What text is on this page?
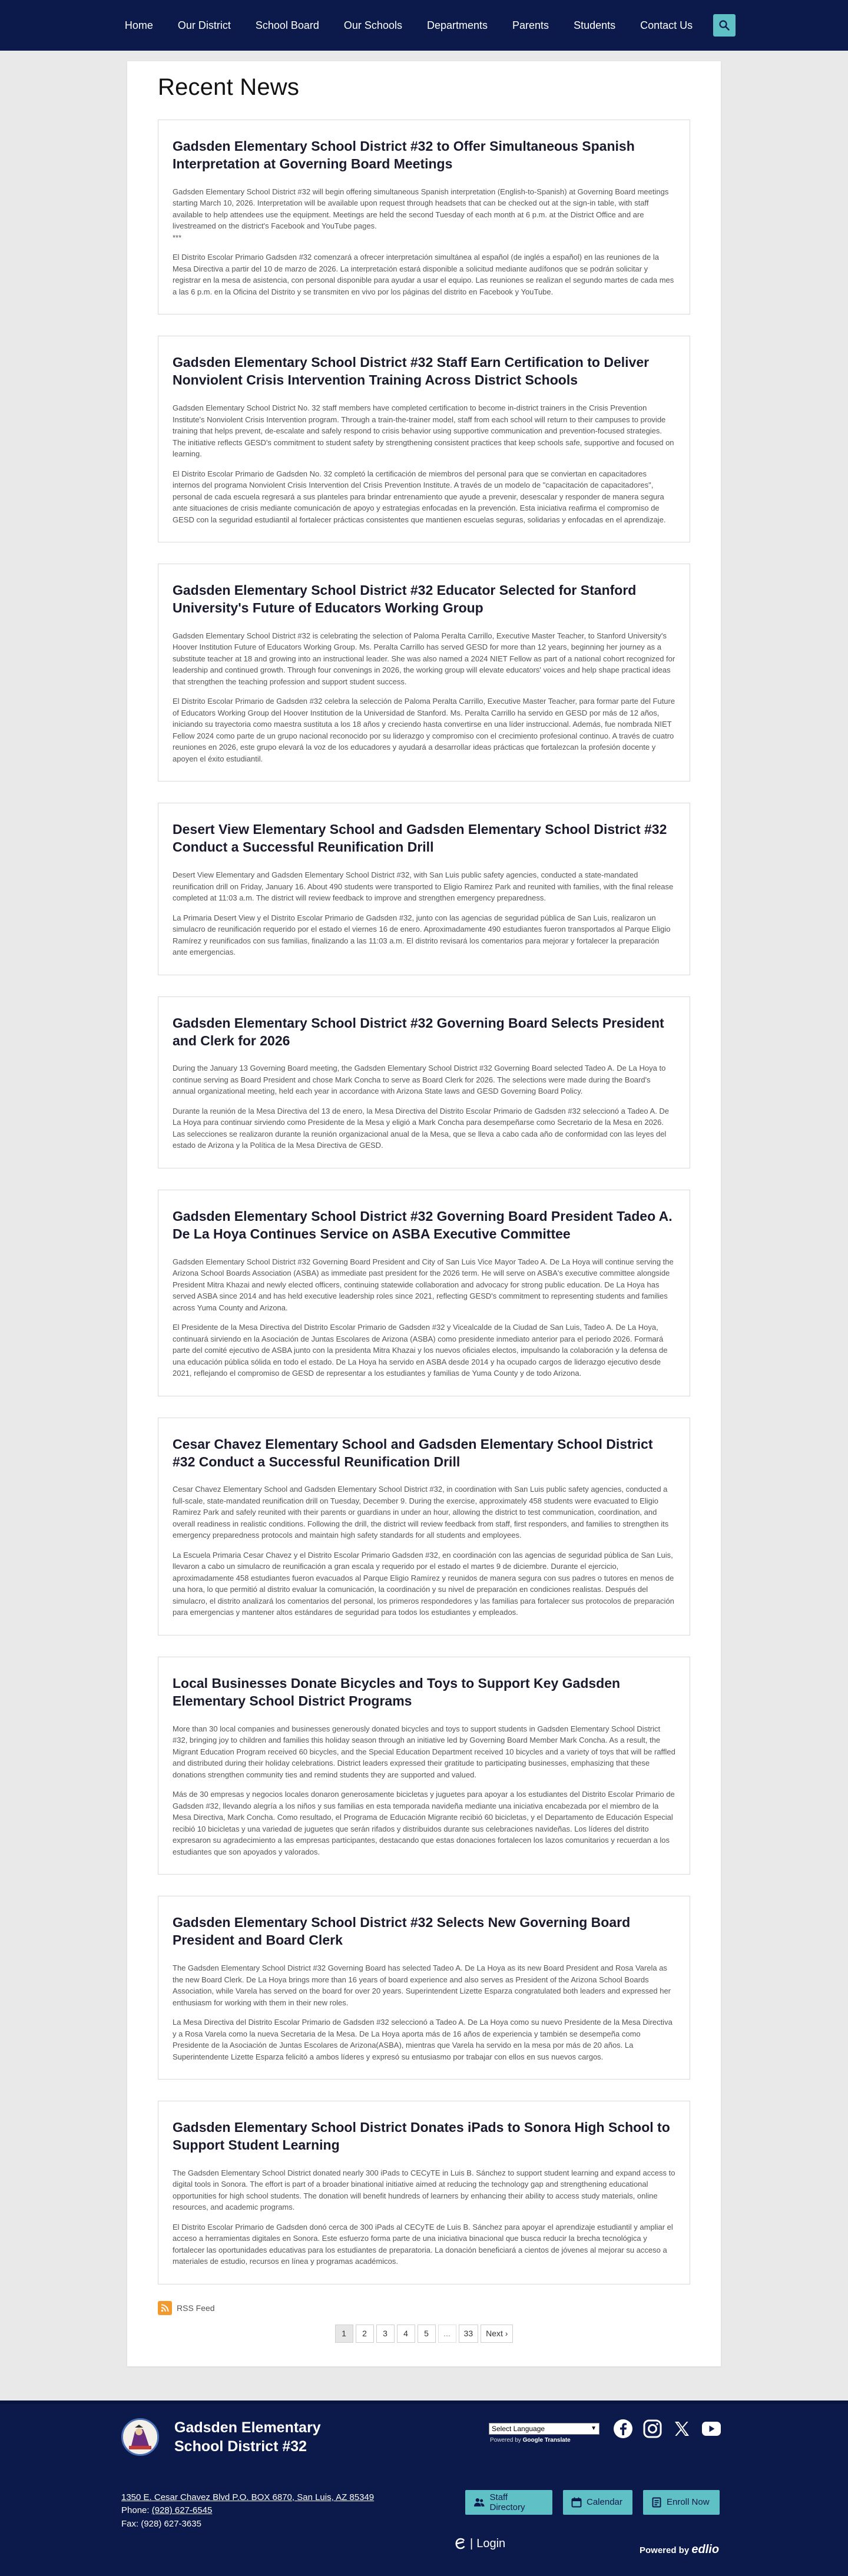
Home	Our District	School Board	Our Schools	Departments	Parents	Students	Contact Us
Recent News
Gadsden Elementary School District #32 to Offer Simultaneous Spanish Interpretation at Governing Board Meetings

Gadsden Elementary School District #32 will begin offering simultaneous Spanish interpretation (English-to-Spanish) at Governing Board meetings starting March 10, 2026. Interpretation will be available upon request through headsets that can be checked out at the sign-in table, with staff available to help attendees use the equipment. Meetings are held the second Tuesday of each month at 6 p.m. at the District Office and are livestreamed on the district's Facebook and YouTube pages.
***

El Distrito Escolar Primario Gadsden #32 comenzará a ofrecer interpretación simultánea al español (de inglés a español) en las reuniones de la Mesa Directiva a partir del 10 de marzo de 2026. La interpretación estará disponible a solicitud mediante audífonos que se podrán solicitar y registrar en la mesa de asistencia, con personal disponible para ayudar a usar el equipo. Las reuniones se realizan el segundo martes de cada mes a las 6 p.m. en la Oficina del Distrito y se transmiten en vivo por los páginas del distrito en Facebook y YouTube.

Gadsden Elementary School District #32 Staff Earn Certification to Deliver Nonviolent Crisis Intervention Training Across District Schools

Gadsden Elementary School District No. 32 staff members have completed certification to become in-district trainers in the Crisis Prevention Institute's Nonviolent Crisis Intervention program. Through a train-the-trainer model, staff from each school will return to their campuses to provide training that helps prevent, de-escalate and safely respond to crisis behavior using supportive communication and prevention-focused strategies. The initiative reflects GESD's commitment to student safety by strengthening consistent practices that keep schools safe, supportive and focused on learning.

El Distrito Escolar Primario de Gadsden No. 32 completó la certificación de miembros del personal para que se conviertan en capacitadores internos del programa Nonviolent Crisis Intervention del Crisis Prevention Institute. A través de un modelo de "capacitación de capacitadores", personal de cada escuela regresará a sus planteles para brindar entrenamiento que ayude a prevenir, desescalar y responder de manera segura ante situaciones de crisis mediante comunicación de apoyo y estrategias enfocadas en la prevención. Esta iniciativa reafirma el compromiso de GESD con la seguridad estudiantil al fortalecer prácticas consistentes que mantienen escuelas seguras, solidarias y enfocadas en el aprendizaje.

Gadsden Elementary School District #32 Educator Selected for Stanford University's Future of Educators Working Group

Gadsden Elementary School District #32 is celebrating the selection of Paloma Peralta Carrillo, Executive Master Teacher, to Stanford University's Hoover Institution Future of Educators Working Group. Ms. Peralta Carrillo has served GESD for more than 12 years, beginning her journey as a substitute teacher at 18 and growing into an instructional leader. She was also named a 2024 NIET Fellow as part of a national cohort recognized for leadership and continued growth. Through four convenings in 2026, the working group will elevate educators' voices and help shape practical ideas that strengthen the teaching profession and support student success.

El Distrito Escolar Primario de Gadsden #32 celebra la selección de Paloma Peralta Carrillo, Executive Master Teacher, para formar parte del Future of Educators Working Group del Hoover Institution de la Universidad de Stanford. Ms. Peralta Carrillo ha servido en GESD por más de 12 años, iniciando su trayectoria como maestra sustituta a los 18 años y creciendo hasta convertirse en una líder instruccional. Además, fue nombrada NIET Fellow 2024 como parte de un grupo nacional reconocido por su liderazgo y compromiso con el crecimiento profesional continuo. A través de cuatro reuniones en 2026, este grupo elevará la voz de los educadores y ayudará a desarrollar ideas prácticas que fortalezcan la profesión docente y apoyen el éxito estudiantil.

Desert View Elementary School and Gadsden Elementary School District #32 Conduct a Successful Reunification Drill

Desert View Elementary and Gadsden Elementary School District #32, with San Luis public safety agencies, conducted a state-mandated reunification drill on Friday, January 16. About 490 students were transported to Eligio Ramirez Park and reunited with families, with the final release completed at 11:03 a.m. The district will review feedback to improve and strengthen emergency preparedness.

La Primaria Desert View y el Distrito Escolar Primario de Gadsden #32, junto con las agencias de seguridad pública de San Luis, realizaron un simulacro de reunificación requerido por el estado el viernes 16 de enero. Aproximadamente 490 estudiantes fueron transportados al Parque Eligio Ramírez y reunificados con sus familias, finalizando a las 11:03 a.m. El distrito revisará los comentarios para mejorar y fortalecer la preparación ante emergencias.

Gadsden Elementary School District #32 Governing Board Selects President and Clerk for 2026

During the January 13 Governing Board meeting, the Gadsden Elementary School District #32 Governing Board selected Tadeo A. De La Hoya to continue serving as Board President and chose Mark Concha to serve as Board Clerk for 2026. The selections were made during the Board's annual organizational meeting, held each year in accordance with Arizona State laws and GESD Governing Board Policy.

Durante la reunión de la Mesa Directiva del 13 de enero, la Mesa Directiva del Distrito Escolar Primario de Gadsden #32 seleccionó a Tadeo A. De La Hoya para continuar sirviendo como Presidente de la Mesa y eligió a Mark Concha para desempeñarse como Secretario de la Mesa en 2026. Las selecciones se realizaron durante la reunión organizacional anual de la Mesa, que se lleva a cabo cada año de conformidad con las leyes del estado de Arizona y la Política de la Mesa Directiva de GESD.

Gadsden Elementary School District #32 Governing Board President Tadeo A. De La Hoya Continues Service on ASBA Executive Committee

Gadsden Elementary School District #32 Governing Board President and City of San Luis Vice Mayor Tadeo A. De La Hoya will continue serving the Arizona School Boards Association (ASBA) as immediate past president for the 2026 term. He will serve on ASBA's executive committee alongside President Mitra Khazai and newly elected officers, continuing statewide collaboration and advocacy for strong public education. De La Hoya has served ASBA since 2014 and has held executive leadership roles since 2021, reflecting GESD's commitment to representing students and families across Yuma County and Arizona.

El Presidente de la Mesa Directiva del Distrito Escolar Primario de Gadsden #32 y Vicealcalde de la Ciudad de San Luis, Tadeo A. De La Hoya, continuará sirviendo en la Asociación de Juntas Escolares de Arizona (ASBA) como presidente inmediato anterior para el periodo 2026. Formará parte del comité ejecutivo de ASBA junto con la presidenta Mitra Khazai y los nuevos oficiales electos, impulsando la colaboración y la defensa de una educación pública sólida en todo el estado. De La Hoya ha servido en ASBA desde 2014 y ha ocupado cargos de liderazgo ejecutivo desde 2021, reflejando el compromiso de GESD de representar a los estudiantes y familias de Yuma County y de todo Arizona.

Cesar Chavez Elementary School and Gadsden Elementary School District #32 Conduct a Successful Reunification Drill

Cesar Chavez Elementary School and Gadsden Elementary School District #32, in coordination with San Luis public safety agencies, conducted a full-scale, state-mandated reunification drill on Tuesday, December 9. During the exercise, approximately 458 students were evacuated to Eligio Ramirez Park and safely reunited with their parents or guardians in under an hour, allowing the district to test communication, coordination, and overall readiness in realistic conditions. Following the drill, the district will review feedback from staff, first responders, and families to strengthen its emergency preparedness protocols and maintain high safety standards for all students and employees.

La Escuela Primaria Cesar Chavez y el Distrito Escolar Primario Gadsden #32, en coordinación con las agencias de seguridad pública de San Luis, llevaron a cabo un simulacro de reunificación a gran escala y requerido por el estado el martes 9 de diciembre. Durante el ejercicio, aproximadamente 458 estudiantes fueron evacuados al Parque Eligio Ramírez y reunidos de manera segura con sus padres o tutores en menos de una hora, lo que permitió al distrito evaluar la comunicación, la coordinación y su nivel de preparación en condiciones realistas. Después del simulacro, el distrito analizará los comentarios del personal, los primeros respondedores y las familias para fortalecer sus protocolos de preparación para emergencias y mantener altos estándares de seguridad para todos los estudiantes y empleados.

Local Businesses Donate Bicycles and Toys to Support Key Gadsden Elementary School District Programs

More than 30 local companies and businesses generously donated bicycles and toys to support students in Gadsden Elementary School District #32, bringing joy to children and families this holiday season through an initiative led by Governing Board Member Mark Concha. As a result, the Migrant Education Program received 60 bicycles, and the Special Education Department received 10 bicycles and a variety of toys that will be raffled and distributed during their holiday celebrations. District leaders expressed their gratitude to participating businesses, emphasizing that these donations strengthen community ties and remind students they are supported and valued.

Más de 30 empresas y negocios locales donaron generosamente bicicletas y juguetes para apoyar a los estudiantes del Distrito Escolar Primario de Gadsden #32, llevando alegría a los niños y sus familias en esta temporada navideña mediante una iniciativa encabezada por el miembro de la Mesa Directiva, Mark Concha. Como resultado, el Programa de Educación Migrante recibió 60 bicicletas, y el Departamento de Educación Especial recibió 10 bicicletas y una variedad de juguetes que serán rifados y distribuidos durante sus celebraciones navideñas. Los líderes del distrito expresaron su agradecimiento a las empresas participantes, destacando que estas donaciones fortalecen los lazos comunitarios y recuerdan a los estudiantes que son apoyados y valorados.

Gadsden Elementary School District #32 Selects New Governing Board President and Board Clerk

The Gadsden Elementary School District #32 Governing Board has selected Tadeo A. De La Hoya as its new Board President and Rosa Varela as the new Board Clerk. De La Hoya brings more than 16 years of board experience and also serves as President of the Arizona School Boards Association, while Varela has served on the board for over 20 years. Superintendent Lizette Esparza congratulated both leaders and expressed her enthusiasm for working with them in their new roles.

La Mesa Directiva del Distrito Escolar Primario de Gadsden #32 seleccionó a Tadeo A. De La Hoya como su nuevo Presidente de la Mesa Directiva y a Rosa Varela como la nueva Secretaria de la Mesa. De La Hoya aporta más de 16 años de experiencia y también se desempeña como Presidente de la Asociación de Juntas Escolares de Arizona(ASBA), mientras que Varela ha servido en la mesa por más de 20 años. La Superintendente Lizette Esparza felicitó a ambos líderes y expresó su entusiasmo por trabajar con ellos en sus nuevos cargos.

Gadsden Elementary School District Donates iPads to Sonora High School to Support Student Learning

The Gadsden Elementary School District donated nearly 300 iPads to CECyTE in Luis B. Sánchez to support student learning and expand access to digital tools in Sonora. The effort is part of a broader binational initiative aimed at reducing the technology gap and strengthening educational opportunities for high school students. The donation will benefit hundreds of learners by enhancing their ability to access study materials, online resources, and academic programs.

El Distrito Escolar Primario de Gadsden donó cerca de 300 iPads al CECyTE de Luis B. Sánchez para apoyar el aprendizaje estudiantil y ampliar el acceso a herramientas digitales en Sonora. Este esfuerzo forma parte de una iniciativa binacional que busca reducir la brecha tecnológica y fortalecer las oportunidades educativas para los estudiantes de preparatoria. La donación beneficiará a cientos de jóvenes al mejorar su acceso a materiales de estudio, recursos en línea y programas académicos.

RSS Feed
1	2	3	4	5	...	33	Next ›
Gadsden Elementary
School District #32
1350 E. Cesar Chavez Blvd P.O. BOX 6870, San Luis, AZ 85349
Phone: (928) 627-6545
Fax: (928) 627-3635
Select Language	▼
Powered by Google Translate
Staff Directory	Calendar	Enroll Now
| Login
Powered by edlio
